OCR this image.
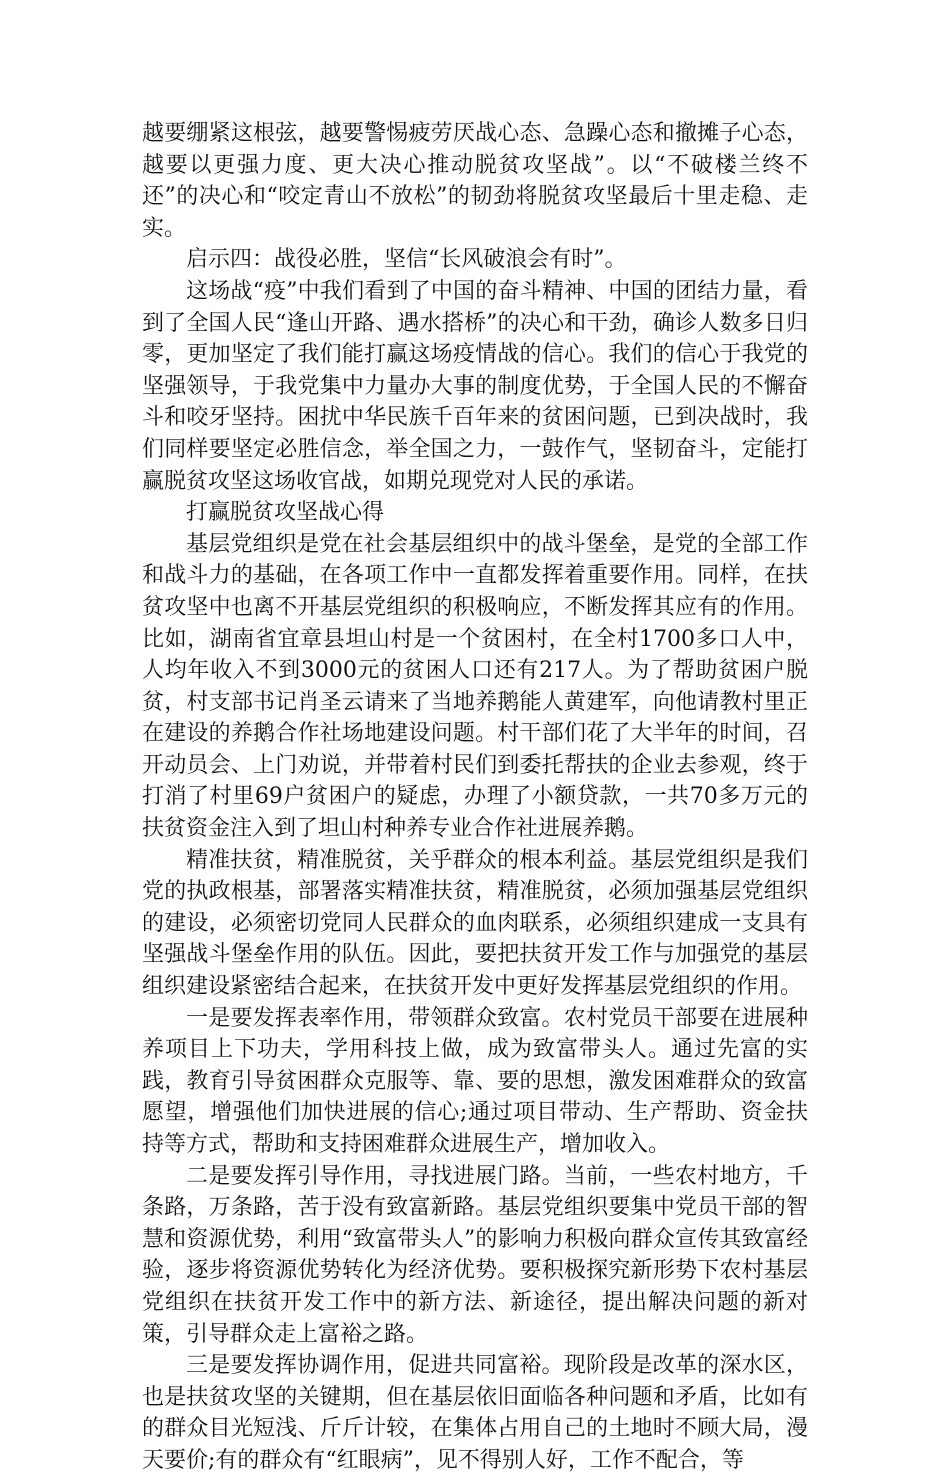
越要绷紧这根弦，越要警惕疲劳厌战心态、急躁心态和撤摊子心态，越要以更强力度、更大决心推动脱贫攻坚战”。以“不破楼兰终不还”的决心和“咬定青山不放松”的韧劲将脱贫攻坚最后十里走稳、走实。

启示四：战役必胜，坚信“长风破浪会有时”。

这场战“疫”中我们看到了中国的奋斗精神、中国的团结力量，看到了全国人民“逢山开路、遇水搭桥”的决心和干劲，确诊人数多日归零，更加坚定了我们能打赢这场疫情战的信心。我们的信心于我党的坚强领导，于我党集中力量办大事的制度优势，于全国人民的不懈奋斗和咬牙坚持。困扰中华民族千百年来的贫困问题，已到决战时，我们同样要坚定必胜信念，举全国之力，一鼓作气，坚韧奋斗，定能打赢脱贫攻坚这场收官战，如期兑现党对人民的承诺。

打赢脱贫攻坚战心得

基层党组织是党在社会基层组织中的战斗堡垒，是党的全部工作和战斗力的基础，在各项工作中一直都发挥着重要作用。同样，在扶贫攻坚中也离不开基层党组织的积极响应，不断发挥其应有的作用。比如，湖南省宜章县坦山村是一个贫困村，在全村1700多口人中，人均年收入不到3000元的贫困人口还有217人。为了帮助贫困户脱贫，村支部书记肖圣云请来了当地养鹅能人黄建军，向他请教村里正在建设的养鹅合作社场地建设问题。村干部们花了大半年的时间，召开动员会、上门劝说，并带着村民们到委托帮扶的企业去参观，终于打消了村里69户贫困户的疑虑，办理了小额贷款，一共70多万元的扶贫资金注入到了坦山村种养专业合作社进展养鹅。

精准扶贫，精准脱贫，关乎群众的根本利益。基层党组织是我们党的执政根基，部署落实精准扶贫，精准脱贫，必须加强基层党组织的建设，必须密切党同人民群众的血肉联系，必须组织建成一支具有坚强战斗堡垒作用的队伍。因此，要把扶贫开发工作与加强党的基层组织建设紧密结合起来，在扶贫开发中更好发挥基层党组织的作用。

一是要发挥表率作用，带领群众致富。农村党员干部要在进展种养项目上下功夫，学用科技上做，成为致富带头人。通过先富的实践，教育引导贫困群众克服等、靠、要的思想，激发困难群众的致富愿望，增强他们加快进展的信心;通过项目带动、生产帮助、资金扶持等方式，帮助和支持困难群众进展生产，增加收入。

二是要发挥引导作用，寻找进展门路。当前，一些农村地方，千条路，万条路，苦于没有致富新路。基层党组织要集中党员干部的智慧和资源优势，利用“致富带头人”的影响力积极向群众宣传其致富经验，逐步将资源优势转化为经济优势。要积极探究新形势下农村基层党组织在扶贫开发工作中的新方法、新途径，提出解决问题的新对策，引导群众走上富裕之路。

三是要发挥协调作用，促进共同富裕。现阶段是改革的深水区，也是扶贫攻坚的关键期，但在基层依旧面临各种问题和矛盾，比如有的群众目光短浅、斤斤计较，在集体占用自己的土地时不顾大局，漫天要价;有的群众有“红眼病”，见不得别人好，工作不配合，等
